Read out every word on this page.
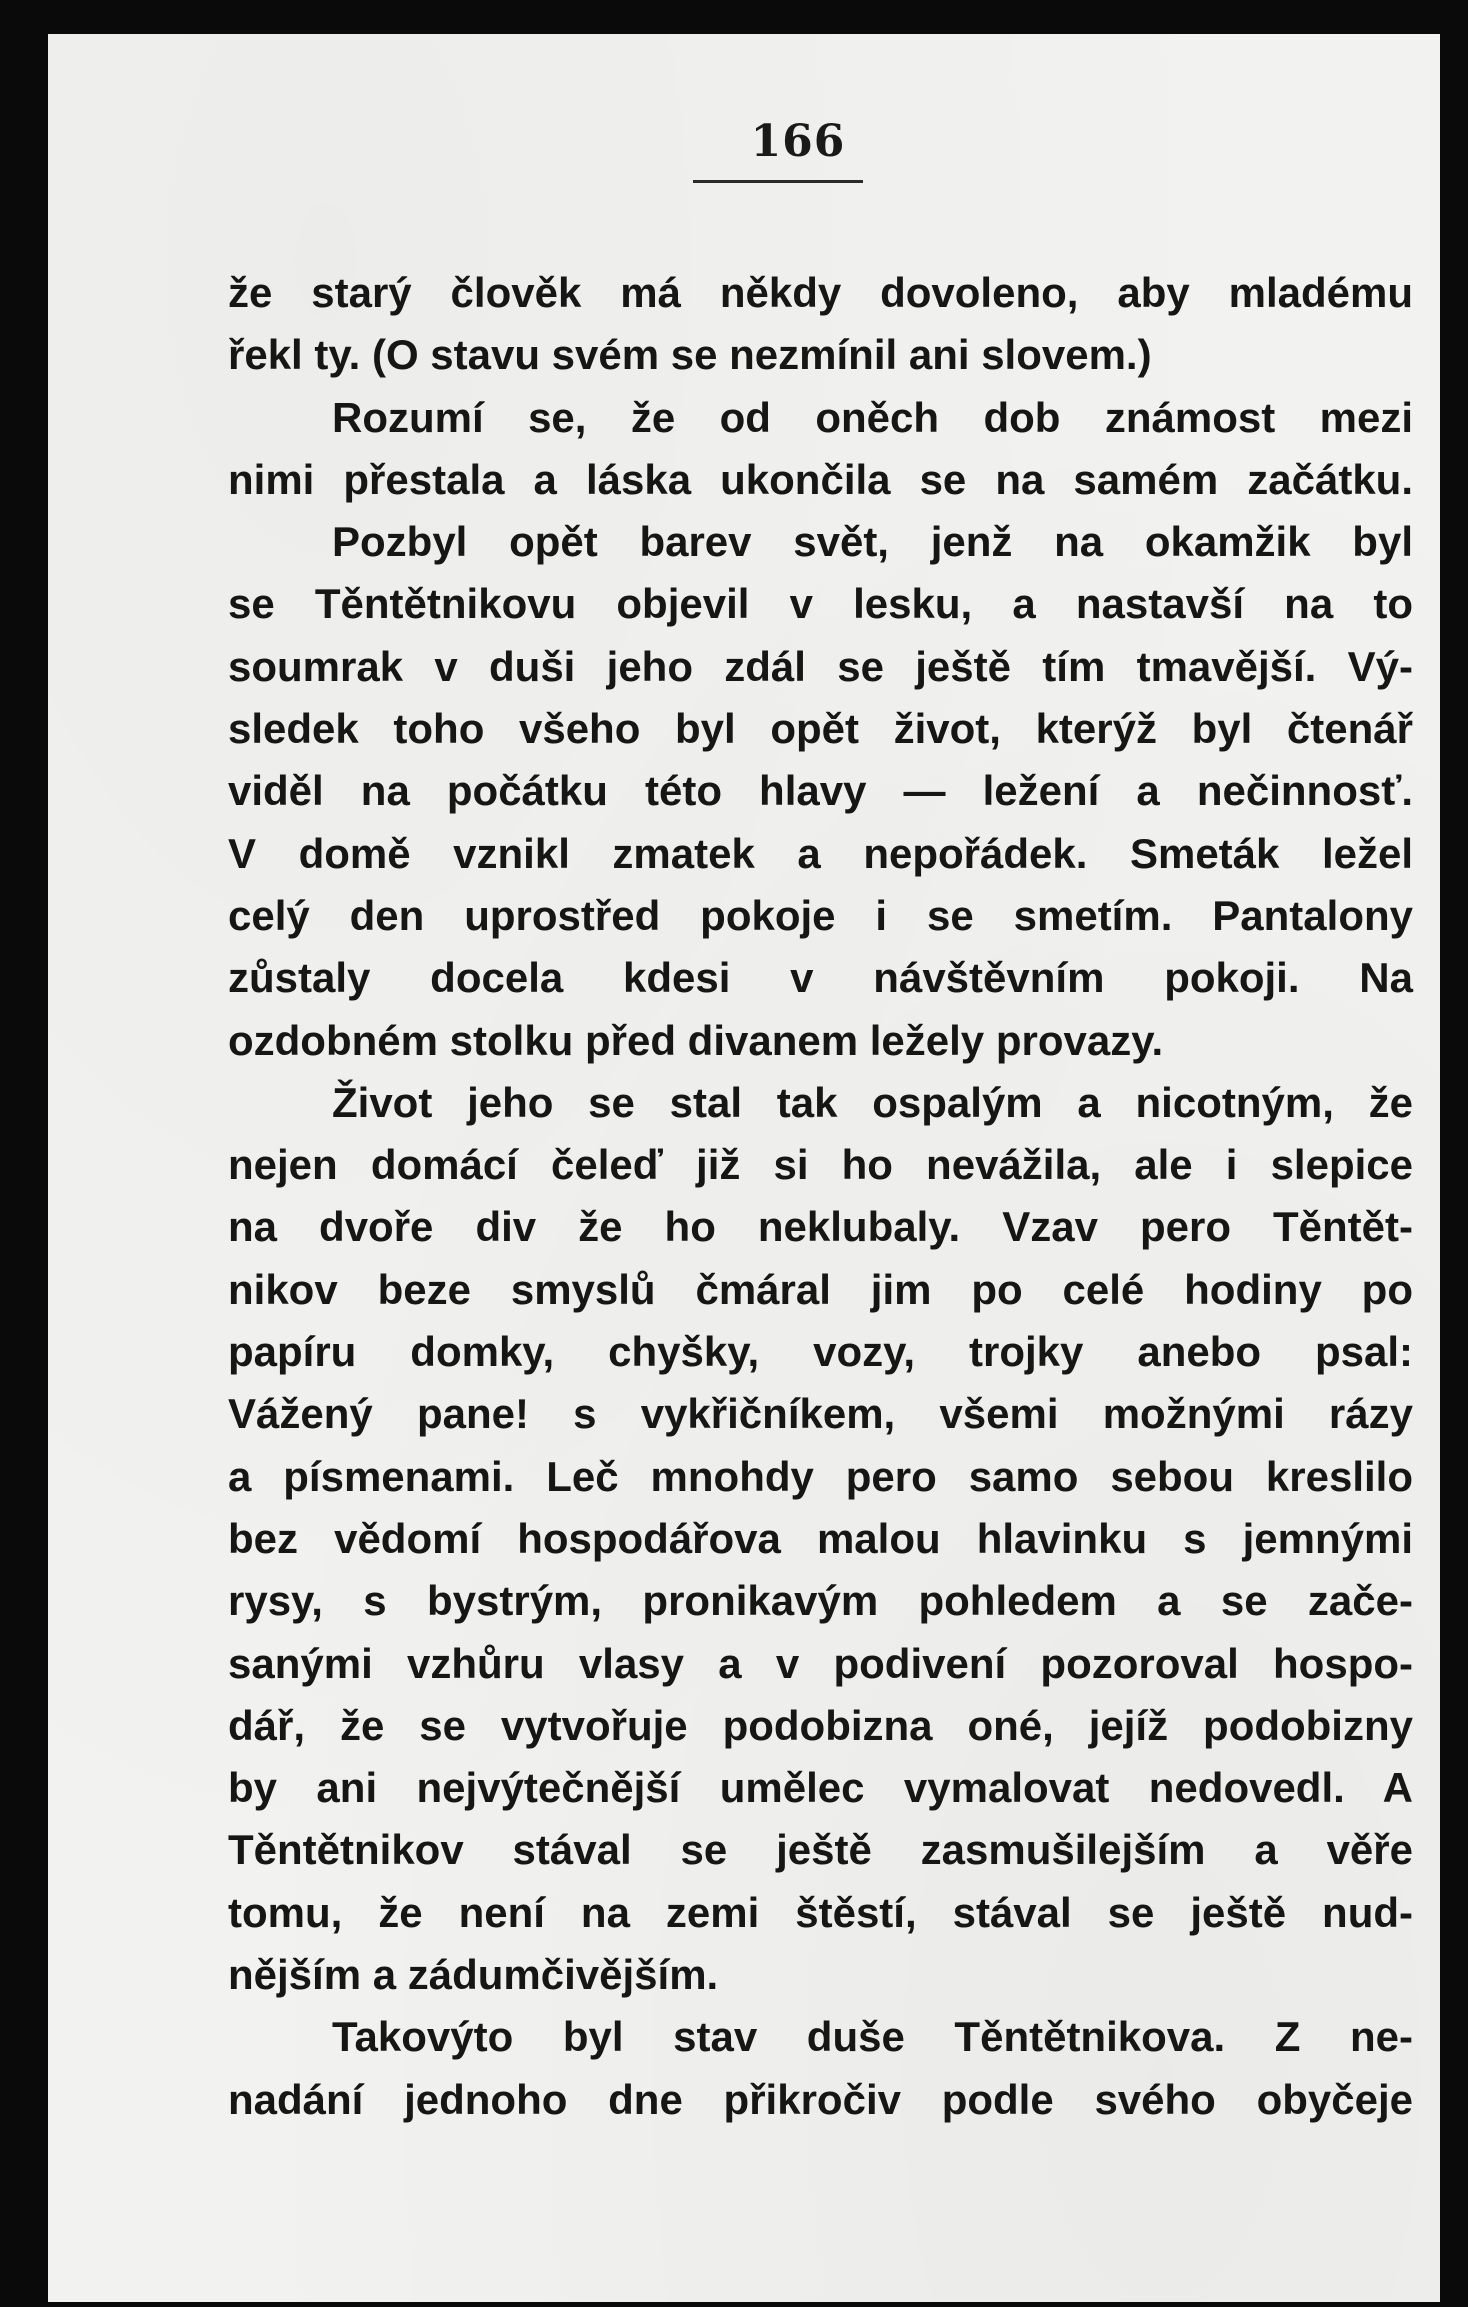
166
že starý člověk má někdy dovoleno, aby mladému
řekl ty. (O stavu svém se nezmínil ani slovem.)
Rozumí se, že od oněch dob známost mezi
nimi přestala a láska ukončila se na samém začátku.
Pozbyl opět barev svět, jenž na okamžik byl
se Těntětnikovu objevil v lesku, a nastavší na to
soumrak v duši jeho zdál se ještě tím tmavější. Vý-
sledek toho všeho byl opět život, kterýž byl čtenář
viděl na počátku této hlavy — ležení a nečinnosť.
V domě vznikl zmatek a nepořádek. Smeták ležel
celý den uprostřed pokoje i se smetím. Pantalony
zůstaly docela kdesi v návštěvním pokoji. Na
ozdobném stolku před divanem ležely provazy.
Život jeho se stal tak ospalým a nicotným, že
nejen domácí čeleď již si ho nevážila, ale i slepice
na dvoře div že ho neklubaly. Vzav pero Těntět-
nikov beze smyslů čmáral jim po celé hodiny po
papíru domky, chyšky, vozy, trojky anebo psal:
Vážený pane! s vykřičníkem, všemi možnými rázy
a písmenami. Leč mnohdy pero samo sebou kreslilo
bez vědomí hospodářova malou hlavinku s jemnými
rysy, s bystrým, pronikavým pohledem a se zače-
sanými vzhůru vlasy a v podivení pozoroval hospo-
dář, že se vytvořuje podobizna oné, jejíž podobizny
by ani nejvýtečnější umělec vymalovat nedovedl. A
Těntětnikov stával se ještě zasmušilejším a věře
tomu, že není na zemi štěstí, stával se ještě nud-
nějším a zádumčivějším.
Takovýto byl stav duše Těntětnikova. Z ne-
nadání jednoho dne přikročiv podle svého obyčeje
